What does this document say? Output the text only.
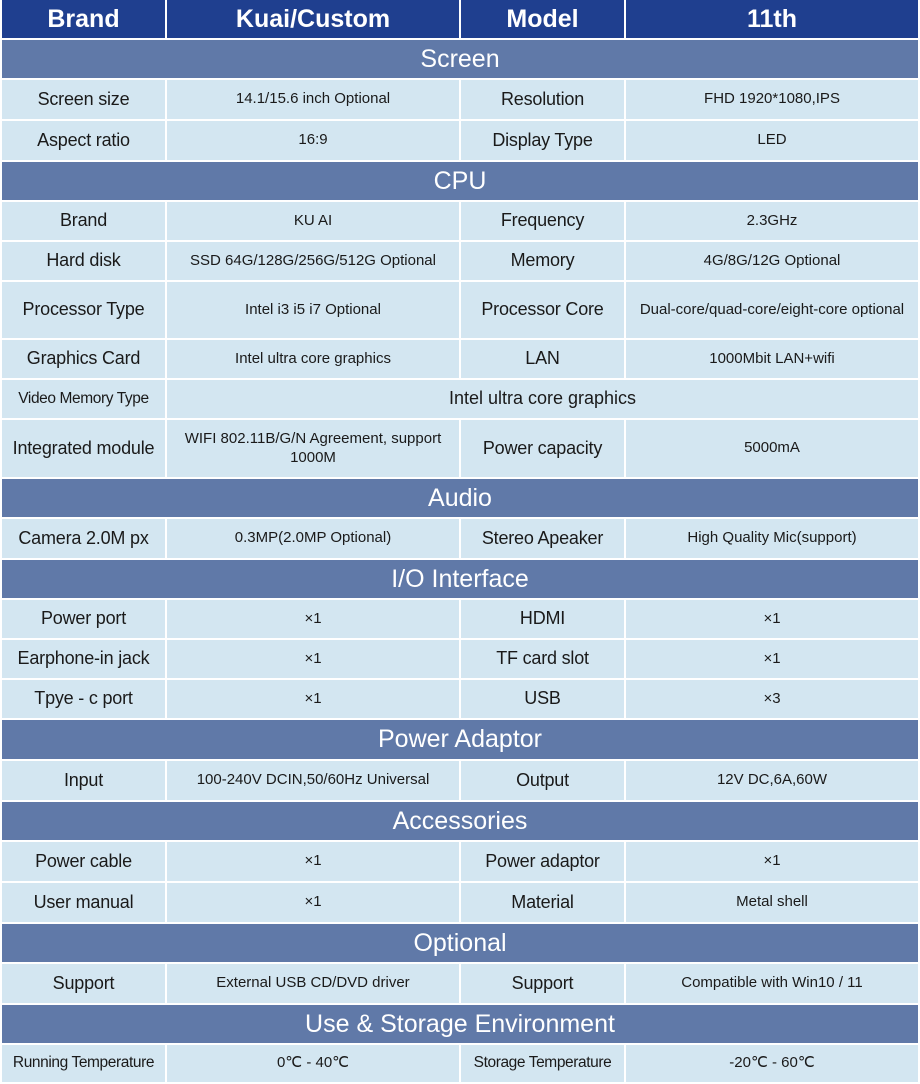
Brand	Kuai/Custom	Model	11th
Screen
Screen size	14.1/15.6 inch Optional	Resolution	FHD 1920*1080,IPS
Aspect ratio	16:9	Display Type	LED
CPU
Brand	KU AI	Frequency	2.3GHz
Hard disk	SSD 64G/128G/256G/512G Optional	Memory	4G/8G/12G Optional
Processor Type	Intel i3 i5 i7 Optional	Processor Core	Dual-core/quad-core/eight-core optional
Graphics Card	Intel ultra core graphics	LAN	1000Mbit LAN+wifi
Video Memory Type	Intel ultra core graphics
Integrated module	WIFI 802.11B/G/N Agreement, support 1000M	Power capacity	5000mA
Audio
Camera 2.0M px	0.3MP(2.0MP Optional)	Stereo Apeaker	High Quality Mic(support)
I/O Interface
Power port	×1	HDMI	×1
Earphone-in jack	×1	TF card slot	×1
Tpye - c port	×1	USB	×3
Power Adaptor
Input	100-240V DCIN,50/60Hz Universal	Output	12V DC,6A,60W
Accessories
Power cable	×1	Power adaptor	×1
User manual	×1	Material	Metal shell
Optional
Support	External USB CD/DVD driver	Support	Compatible with Win10 / 11
Use & Storage Environment
Running Temperature	0℃ - 40℃	Storage Temperature	-20℃ - 60℃
